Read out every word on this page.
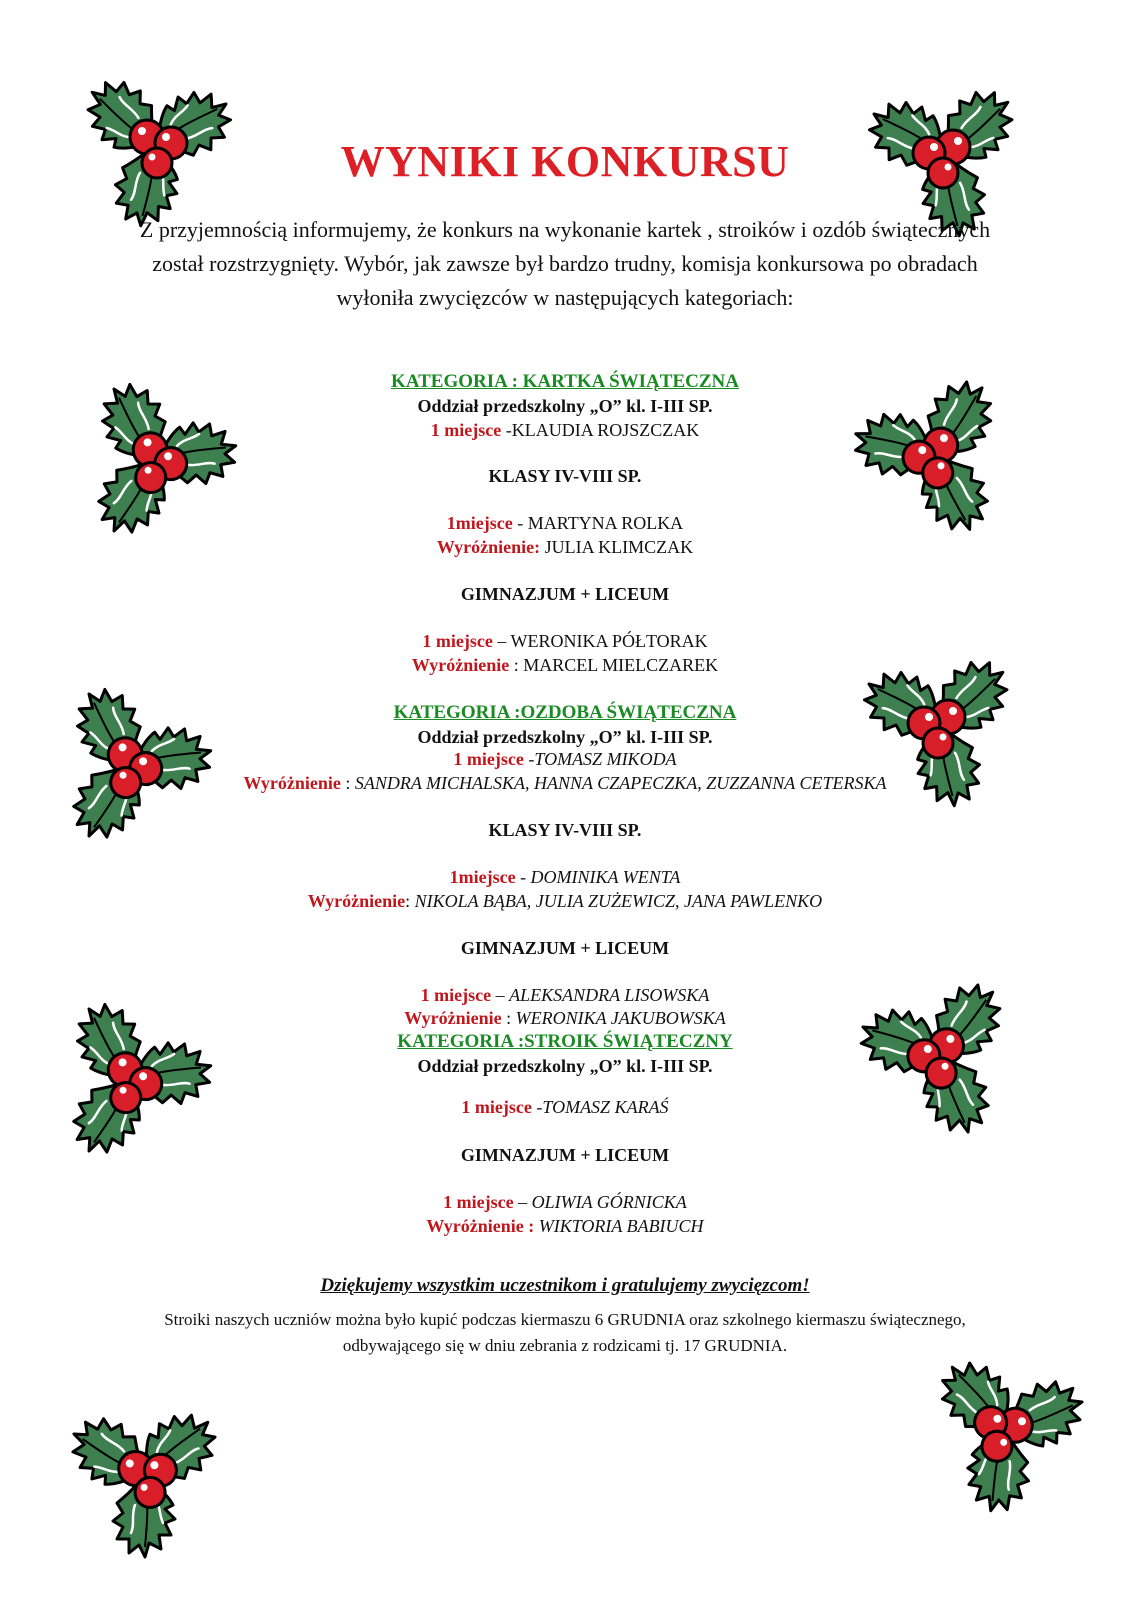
WYNIKI KONKURSU
Z przyjemnością informujemy, że konkurs na wykonanie kartek , stroików i ozdób świątecznych został rozstrzygnięty. Wybór, jak zawsze był bardzo trudny, komisja konkursowa po obradach wyłoniła zwycięzców w następujących kategoriach:
KATEGORIA : KARTKA ŚWIĄTECZNA
Oddział przedszkolny „O” kl. I-III SP.
1 miejsce -KLAUDIA ROJSZCZAK
KLASY IV-VIII SP.
1miejsce - MARTYNA ROLKA
Wyróżnienie: JULIA KLIMCZAK
GIMNAZJUM + LICEUM
1 miejsce – WERONIKA PÓŁTORAK
Wyróżnienie : MARCEL MIELCZAREK
KATEGORIA :OZDOBA ŚWIĄTECZNA
Oddział przedszkolny „O” kl. I-III SP.
1 miejsce -TOMASZ MIKODA
Wyróżnienie : SANDRA MICHALSKA, HANNA CZAPECZKA, ZUZZANNA CETERSKA
KLASY IV-VIII SP.
1miejsce - DOMINIKA WENTA
Wyróżnienie: NIKOLA BĄBA, JULIA ZUŻEWICZ, JANA PAWLENKO
GIMNAZJUM + LICEUM
1 miejsce – ALEKSANDRA LISOWSKA
Wyróżnienie : WERONIKA JAKUBOWSKA
KATEGORIA :STROIK ŚWIĄTECZNY
Oddział przedszkolny „O” kl. I-III SP.
1 miejsce -TOMASZ KARAŚ
GIMNAZJUM + LICEUM
1 miejsce – OLIWIA GÓRNICKA
Wyróżnienie : WIKTORIA BABIUCH
Dziękujemy wszystkim uczestnikom i gratulujemy zwycięzcom!
Stroiki naszych uczniów można było kupić podczas kiermaszu 6 GRUDNIA oraz szkolnego kiermaszu świątecznego, odbywającego się w dniu zebrania z rodzicami tj. 17 GRUDNIA.
